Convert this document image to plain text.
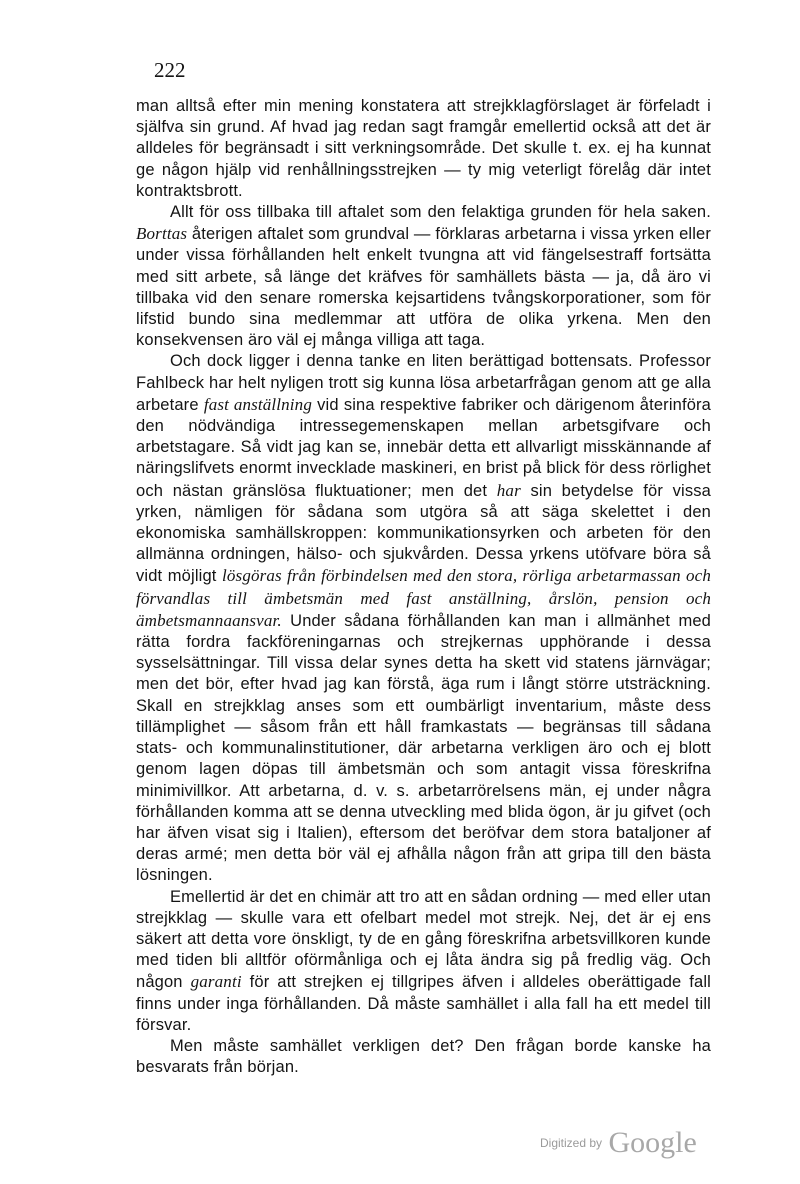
222

man alltså efter min mening konstatera att strejkklagförslaget är förfeladt i själfva sin grund. Af hvad jag redan sagt framgår emellertid också att det är alldeles för begränsadt i sitt verkningsområde. Det skulle t. ex. ej ha kunnat ge någon hjälp vid renhållningsstrejken — ty mig veterligt förelåg där intet kontraktsbrott.

Allt för oss tillbaka till aftalet som den felaktiga grunden för hela saken. Borttas återigen aftalet som grundval — förklaras arbetarna i vissa yrken eller under vissa förhållanden helt enkelt tvungna att vid fängelsestraff fortsätta med sitt arbete, så länge det kräfves för samhällets bästa — ja, då äro vi tillbaka vid den senare romerska kejsartidens tvångskorporationer, som för lifstid bundo sina medlemmar att utföra de olika yrkena. Men den konsekvensen äro väl ej många villiga att taga.

Och dock ligger i denna tanke en liten berättigad bottensats. Professor Fahlbeck har helt nyligen trott sig kunna lösa arbetarfrågan genom att ge alla arbetare fast anställning vid sina respektive fabriker och därigenom återinföra den nödvändiga intressegemenskapen mellan arbetsgifvare och arbetstagare. Så vidt jag kan se, innebär detta ett allvarligt misskännande af näringslifvets enormt invecklade maskineri, en brist på blick för dess rörlighet och nästan gränslösa fluktuationer; men det har sin betydelse för vissa yrken, nämligen för sådana som utgöra så att säga skelettet i den ekonomiska samhällskroppen: kommunikationsyrken och arbeten för den allmänna ordningen, hälso- och sjukvården. Dessa yrkens utöfvare böra så vidt möjligt lösgöras från förbindelsen med den stora, rörliga arbetarmassan och förvandlas till ämbetsmän med fast anställning, årslön, pension och ämbetsmannaansvar. Under sådana förhållanden kan man i allmänhet med rätta fordra fackföreningarnas och strejkernas upphörande i dessa sysselsättningar. Till vissa delar synes detta ha skett vid statens järnvägar; men det bör, efter hvad jag kan förstå, äga rum i långt större utsträckning. Skall en strejkklag anses som ett oumbärligt inventarium, måste dess tillämplighet — såsom från ett håll framkastats — begränsas till sådana stats- och kommunalinstitutioner, där arbetarna verkligen äro och ej blott genom lagen döpas till ämbetsmän och som antagit vissa föreskrifna minimivillkor. Att arbetarna, d. v. s. arbetarrörelsens män, ej under några förhållanden komma att se denna utveckling med blida ögon, är ju gifvet (och har äfven visat sig i Italien), eftersom det beröfvar dem stora bataljoner af deras armé; men detta bör väl ej afhålla någon från att gripa till den bästa lösningen.

Emellertid är det en chimär att tro att en sådan ordning — med eller utan strejkklag — skulle vara ett ofelbart medel mot strejk. Nej, det är ej ens säkert att detta vore önskligt, ty de en gång föreskrifna arbetsvillkoren kunde med tiden bli alltför oförmånliga och ej låta ändra sig på fredlig väg. Och någon garanti för att strejken ej tillgripes äfven i alldeles oberättigade fall finns under inga förhållanden. Då måste samhället i alla fall ha ett medel till försvar.

Men måste samhället verkligen det? Den frågan borde kanske ha besvarats från början.

Digitized by Google
